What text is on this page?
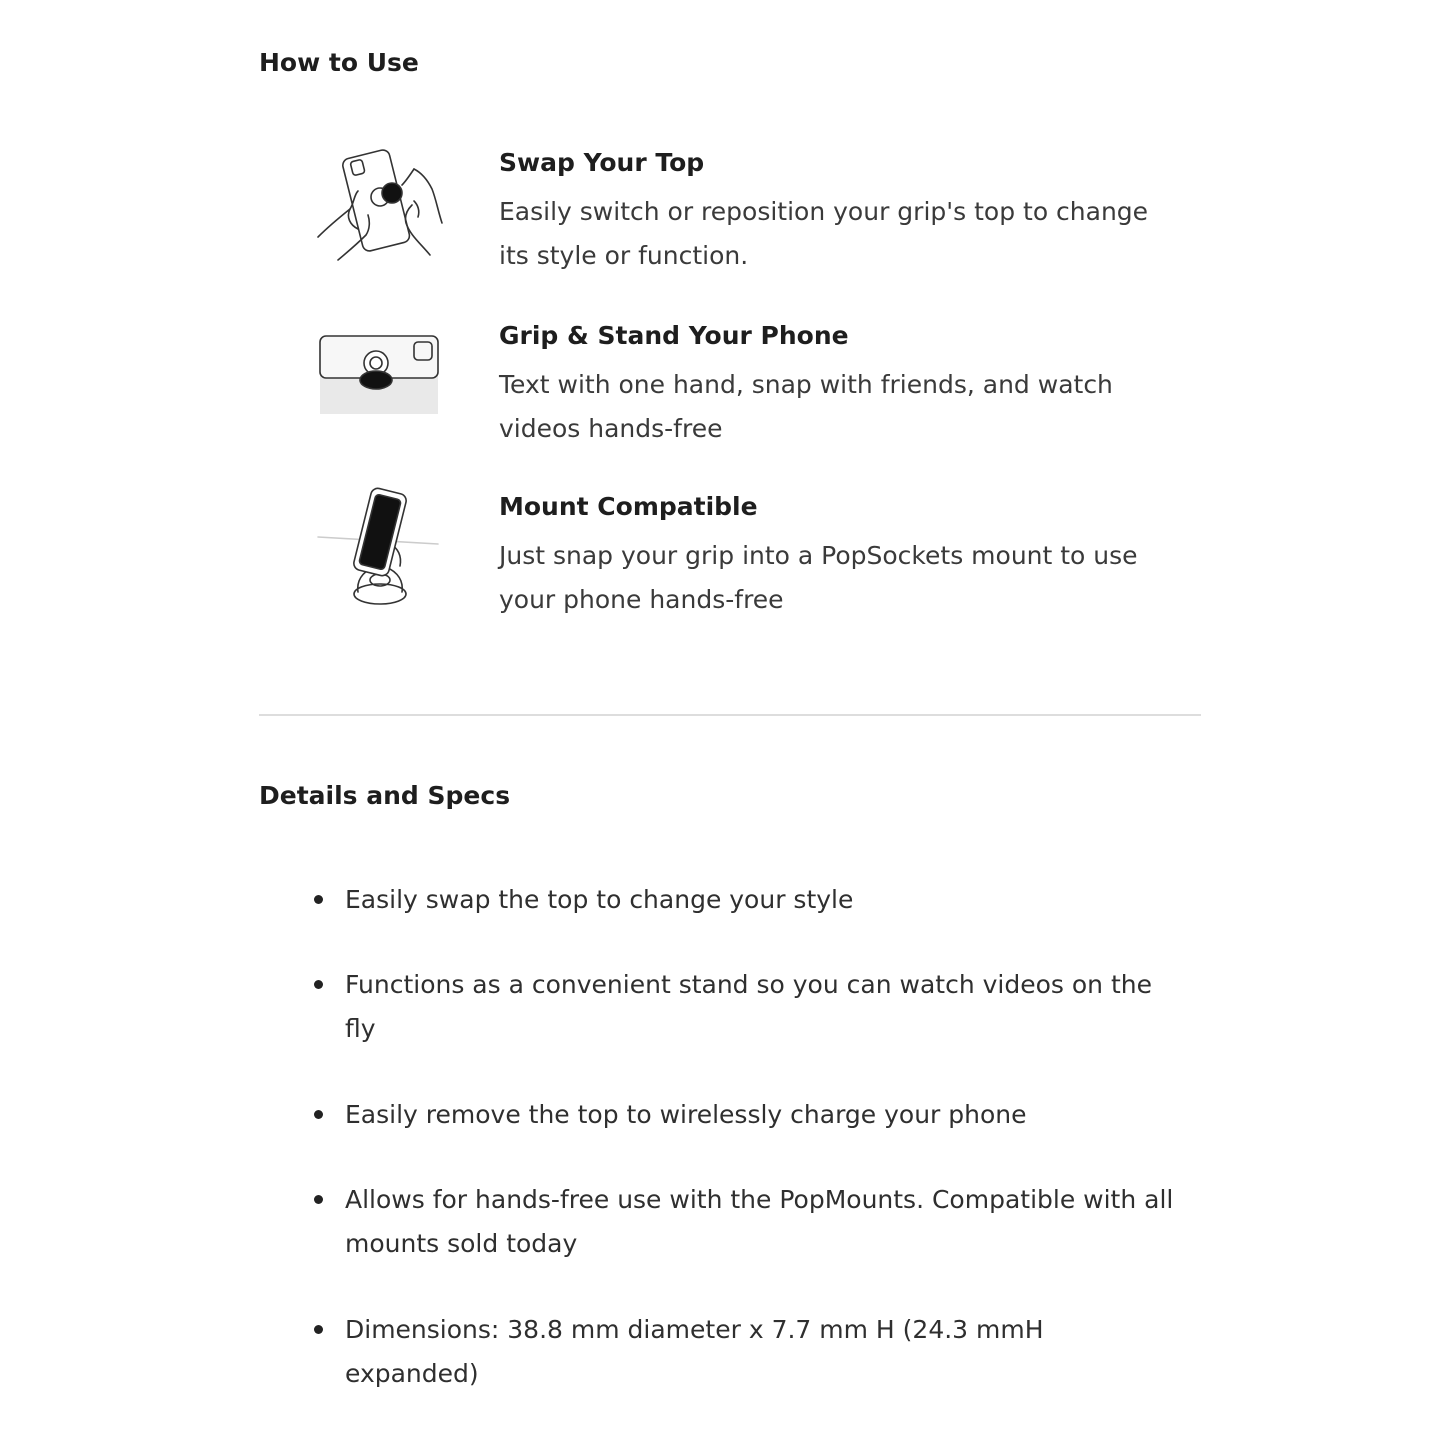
How to Use
Swap Your Top
Easily switch or reposition your grip's top to change its style or function.
Grip & Stand Your Phone
Text with one hand, snap with friends, and watch videos hands-free
Mount Compatible
Just snap your grip into a PopSockets mount to use your phone hands-free
Details and Specs
Easily swap the top to change your style
Functions as a convenient stand so you can watch videos on the fly
Easily remove the top to wirelessly charge your phone
Allows for hands-free use with the PopMounts. Compatible with all mounts sold today
Dimensions: 38.8 mm diameter x 7.7 mm H (24.3 mmH expanded)
